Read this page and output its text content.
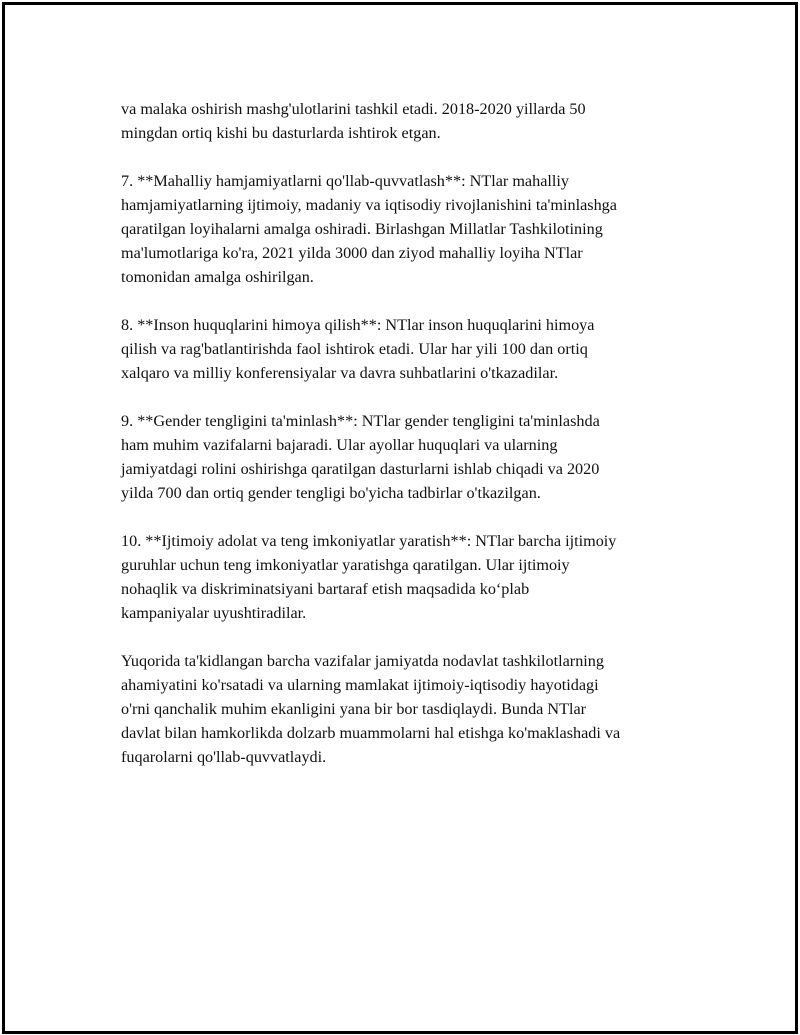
va malaka oshirish mashg'ulotlarini tashkil etadi. 2018-2020 yillarda 50
mingdan ortiq kishi bu dasturlarda ishtirok etgan.

7. **Mahalliy hamjamiyatlarni qo'llab-quvvatlash**: NTlar mahalliy
hamjamiyatlarning ijtimoiy, madaniy va iqtisodiy rivojlanishini ta'minlashga
qaratilgan loyihalarni amalga oshiradi. Birlashgan Millatlar Tashkilotining
ma'lumotlariga ko'ra, 2021 yilda 3000 dan ziyod mahalliy loyiha NTlar
tomonidan amalga oshirilgan.

8. **Inson huquqlarini himoya qilish**: NTlar inson huquqlarini himoya
qilish va rag'batlantirishda faol ishtirok etadi. Ular har yili 100 dan ortiq
xalqaro va milliy konferensiyalar va davra suhbatlarini o'tkazadilar.

9. **Gender tengligini ta'minlash**: NTlar gender tengligini ta'minlashda
ham muhim vazifalarni bajaradi. Ular ayollar huquqlari va ularning
jamiyatdagi rolini oshirishga qaratilgan dasturlarni ishlab chiqadi va 2020
yilda 700 dan ortiq gender tengligi bo'yicha tadbirlar o'tkazilgan.

10. **Ijtimoiy adolat va teng imkoniyatlar yaratish**: NTlar barcha ijtimoiy
guruhlar uchun teng imkoniyatlar yaratishga qaratilgan. Ular ijtimoiy
nohaqlik va diskriminatsiyani bartaraf etish maqsadida ko‘plab
kampaniyalar uyushtiradilar.

Yuqorida ta'kidlangan barcha vazifalar jamiyatda nodavlat tashkilotlarning
ahamiyatini ko'rsatadi va ularning mamlakat ijtimoiy-iqtisodiy hayotidagi
o'rni qanchalik muhim ekanligini yana bir bor tasdiqlaydi. Bunda NTlar
davlat bilan hamkorlikda dolzarb muammolarni hal etishga ko'maklashadi va
fuqarolarni qo'llab-quvvatlaydi.
